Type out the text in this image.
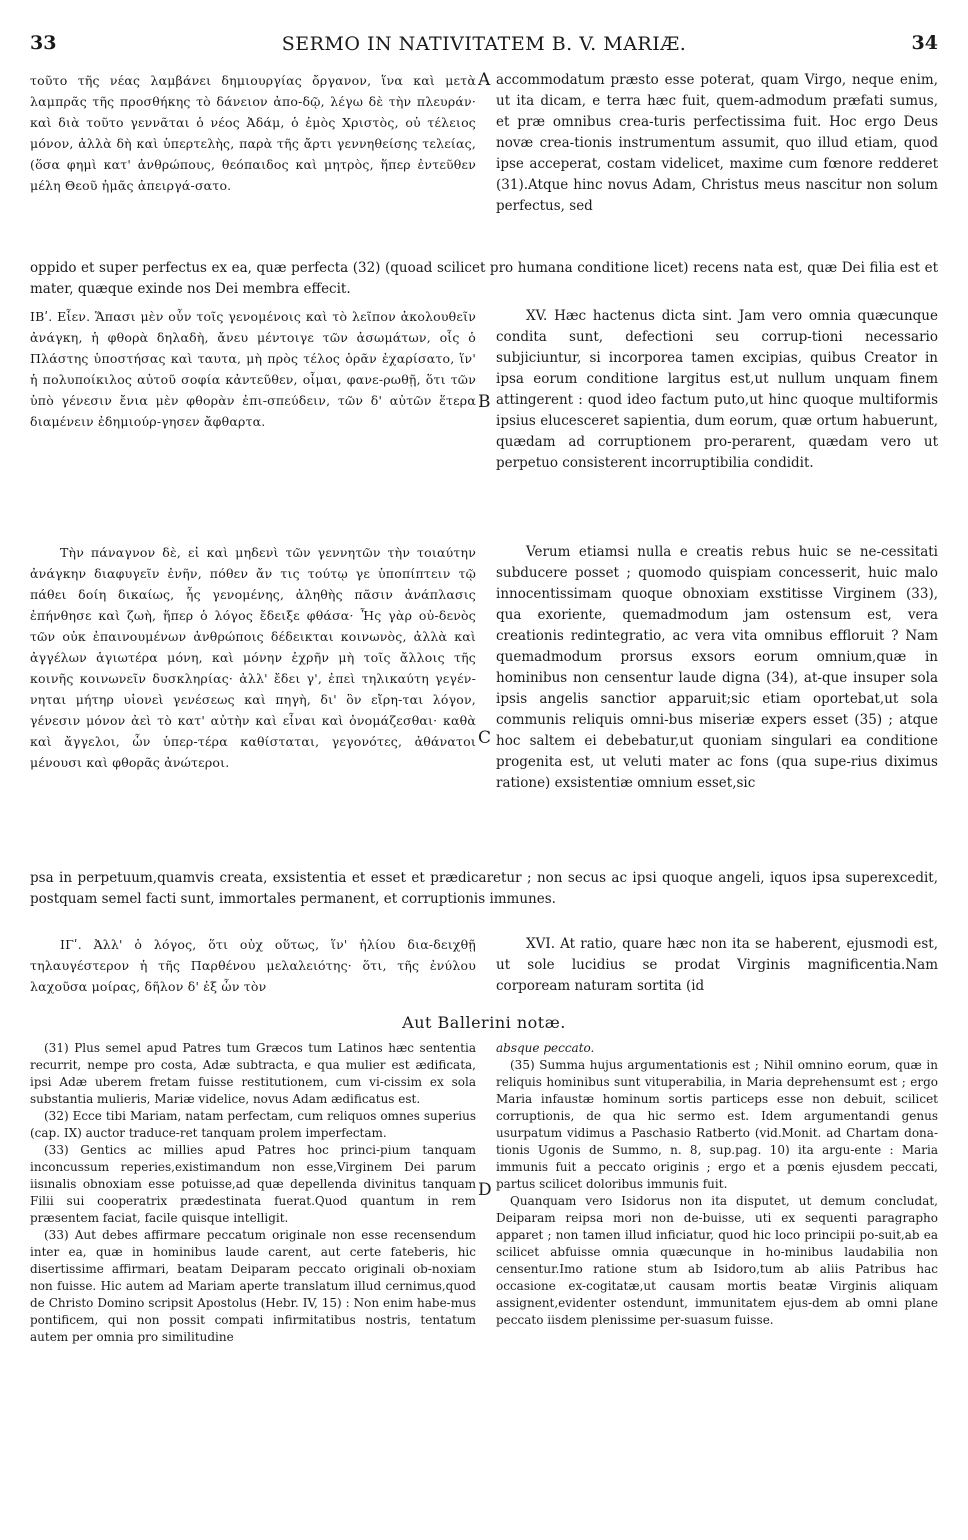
33	SERMO IN NATIVITATEM B. V. MARIÆ.	34

τοῦτο τῆς νέας λαμβάνει δημιουργίας ὄργανον, ἵνα καὶ μετὰ λαμπρᾶς τῆς προσθήκης τὸ δάνειον ἀπο-δῷ, λέγω δὲ τὴν πλευράν· καὶ διὰ τοῦτο γεννᾶται ὁ νέος Ἀδάμ, ὁ ἐμὸς Χριστὸς, οὐ τέλειος μόνον, ἀλλὰ δὴ καὶ ὑπερτελὴς, παρὰ τῆς ἄρτι γεννηθείσης τελείας, (ὅσα φημὶ κατ' ἀνθρώπους, θεόπαιδος καὶ μητρὸς, ἥπερ ἐντεῦθεν μέλη Θεοῦ ἡμᾶς ἀπειργά-σατο.

A accommodatum præsto esse poterat, quam Virgo, neque enim, ut ita dicam, e terra hæc fuit, quem-admodum præfati sumus, et præ omnibus crea-turis perfectissima fuit. Hoc ergo Deus novæ crea-tionis instrumentum assumit, quo illud etiam, quod ipse acceperat, costam videlicet, maxime cum fœnore redderet (31).Atque hinc novus Adam, Christus meus nascitur non solum perfectus, sed

oppido et super perfectus ex ea, quæ perfecta (32) (quoad scilicet pro humana conditione licet) recens nata est, quæ Dei filia est et mater, quæque exinde nos Dei membra effecit.

ΙΒʹ. Εἶεν. Ἅπασι μὲν οὖν τοῖς γενομένοις καὶ τὸ λεῖπον ἀκολουθεῖν ἀνάγκη, ἡ φθορὰ δηλαδὴ, ἄνευ μέντοιγε τῶν ἀσωμάτων, οἷς ὁ Πλάστης ὑποστήσας καὶ ταυτα, μὴ πρὸς τέλος ὁρᾶν ἐχαρίσατο, ἵν' ἡ πολυποίκιλος αὐτοῦ σοφία κἀντεῦθεν, οἶμαι, φανε-ρωθῇ, ὅτι τῶν ὑπὸ γένεσιν ἔνια μὲν φθορὰν ἐπι-σπεύδειν, τῶν δ' αὐτῶν ἕτερα διαμένειν ἐδημιούρ-γησεν ἄφθαρτα.

B

XV. Hæc hactenus dicta sint. Jam vero omnia quæcunque condita sunt, defectioni seu corrup-tioni necessario subjiciuntur, si incorporea tamen excipias, quibus Creator in ipsa eorum conditione largitus est,ut nullum unquam finem attingerent : quod ideo factum puto,ut hinc quoque multiformis ipsius elucesceret sapientia, dum eorum, quæ ortum habuerunt, quædam ad corruptionem pro-perarent, quædam vero ut perpetuo consisterent incorruptibilia condidit.

Τὴν πάναγνον δὲ, εἰ καὶ μηδενὶ τῶν γεννητῶν τὴν τοιαύτην ἀνάγκην διαφυγεῖν ἐνῆν, πόθεν ἄν τις τούτῳ γε ὑποπίπτειν τῷ πάθει δοίη δικαίως, ἧς γενομένης, ἀληθὴς πᾶσιν ἀνάπλασις ἐπήνθησε καὶ ζωὴ, ἥπερ ὁ λόγος ἔδειξε φθάσα· Ἧς γὰρ οὐ-δενὸς τῶν οὐκ ἐπαινουμένων ἀνθρώποις δέδεικται κοινωνὸς, ἀλλὰ καὶ ἀγγέλων ἁγιωτέρα μόνη, καὶ μόνην ἐχρῆν μὴ τοῖς ἄλλοις τῆς κοινῆς κοινωνεῖν δυσκληρίας· ἀλλ' ἔδει γ', ἐπεὶ τηλικαύτη γεγέν-νηται μήτηρ υἱονεὶ γενέσεως καὶ πηγὴ, δι' ὃν εἴρη-ται λόγον, γένεσιν μόνον ἀεὶ τὸ κατ' αὐτὴν καὶ εἶναι καὶ ὀνομάζεσθαι· καθὰ καὶ ἄγγελοι, ὧν ὑπερ-τέρα καθίσταται, γεγονότες, ἀθάνατοι μένουσι καὶ φθορᾶς ἀνώτεροι.

C

Verum etiamsi nulla e creatis rebus huic se ne-cessitati subducere posset ; quomodo quispiam concesserit, huic malo innocentissimam quoque obnoxiam exstitisse Virginem (33), qua exoriente, quemadmodum jam ostensum est, vera creationis redintegratio, ac vera vita omnibus effloruit ? Nam quemadmodum prorsus exsors eorum omnium,quæ in hominibus non censentur laude digna (34), at-que insuper sola ipsis angelis sanctior apparuit;sic etiam oportebat,ut sola communis reliquis omni-bus miseriæ expers esset (35) ; atque hoc saltem ei debebatur,ut quoniam singulari ea conditione progenita est, ut veluti mater ac fons (qua supe-rius diximus ratione) exsistentiæ omnium esset,sic

psa in perpetuum,quamvis creata, exsistentia et esset et prædicaretur ; non secus ac ipsi quoque angeli, iquos ipsa superexcedit, postquam semel facti sunt, immortales permanent, et corruptionis immunes.

ΙΓʹ. Ἀλλ' ὁ λόγος, ὅτι οὐχ οὕτως, ἵν' ἡλίου δια-δειχθῇ τηλαυγέστερον ἡ τῆς Παρθένου μελαλειότης· ὅτι, τῆς ἐνύλου λαχοῦσα μοίρας, δῆλον δ' ἐξ ὧν τὸν

XVI. At ratio, quare hæc non ita se haberent, ejusmodi est, ut sole lucidius se prodat Virginis magnificentia.Nam corpoream naturam sortita (id

Aut Ballerini notæ.

(31) Plus semel apud Patres tum Græcos tum Latinos hæc sententia recurrit, nempe pro costa, Adæ subtracta, e qua mulier est ædificata, ipsi Adæ uberem fretam fuisse restitutionem, cum vi-cissim ex sola substantia mulieris, Mariæ videlice, novus Adam ædificatus est.

(32) Ecce tibi Mariam, natam perfectam, cum reliquos omnes superius (cap. IX) auctor traduce-ret tanquam prolem imperfectam.

(33) Gentics ac millies apud Patres hoc princi-pium tanquam inconcussum reperies,existimandum non esse,Virginem Dei parum iisınalis obnoxiam esse potuisse,ad quæ depellenda divinitus tanquam Filii sui cooperatrix prædestinata fuerat.Quod quantum in rem præsentem faciat, facile quisque intelligit.

(33) Aut debes affirmare peccatum originale non esse recensendum inter ea, quæ in hominibus laude carent, aut certe fateberis, hic disertissime affirmari, beatam Deiparam peccato originali ob-noxiam non fuisse. Hic autem ad Mariam aperte translatum illud cernimus,quod de Christo Domino scripsit Apostolus (Hebr. IV, 15) : Non enim habe-mus pontificem, qui non possit compati infirmitatibus nostris, tentatum autem per omnia pro similitudine

D

absque peccato.

(35) Summa hujus argumentationis est ; Nihil omnino eorum, quæ in reliquis hominibus sunt vituperabilia, in Maria deprehensumt est ; ergo Maria infaustæ hominum sortis particeps esse non debuit, scilicet corruptionis, de qua hic sermo est. Idem argumentandi genus usurpatum vidimus a Paschasio Ratberto (vid.Monit. ad Chartam dona-tionis Ugonis de Summo, n. 8, sup.pag. 10) ita argu-ente : Maria immunis fuit a peccato originis ; ergo et a pœnis ejusdem peccati, partus scilicet doloribus immunis fuit.

Quanquam vero Isidorus non ita disputet, ut demum concludat, Deiparam reipsa mori non de-buisse, uti ex sequenti paragrapho apparet ; non tamen illud inficiatur, quod hic loco principii po-suit,ab ea scilicet abfuisse omnia quæcunque in ho-minibus laudabilia non censentur.Imo ratione stum ab Isidoro,tum ab aliis Patribus hac occasione ex-cogitatæ,ut causam mortis beatæ Virginis aliquam assignent,evidenter ostendunt, immunitatem ejus-dem ab omni plane peccato iisdem plenissime per-suasum fuisse.
